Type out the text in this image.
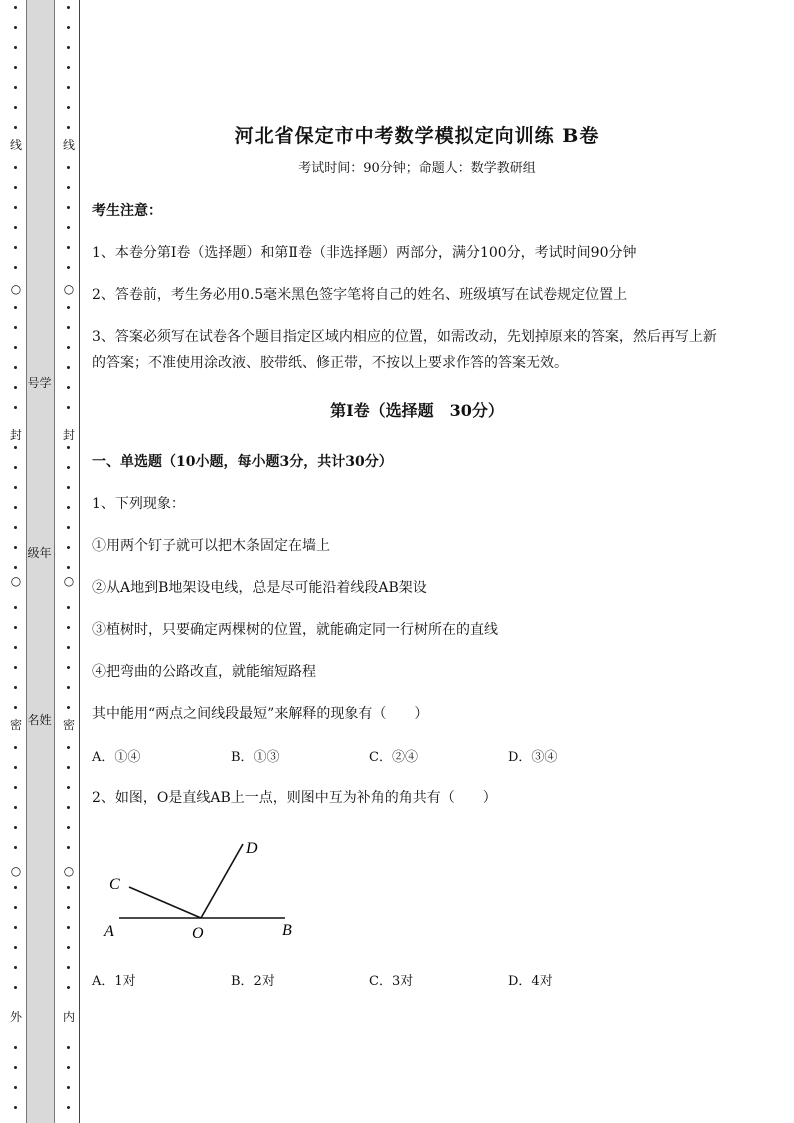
线
○
封
○
密
○
外
号学
级年
名姓
线
○
封
○
密
○
内
河北省保定市中考数学模拟定向训练 B卷
考试时间：90分钟；命题人：数学教研组
考生注意：
1、本卷分第I卷（选择题）和第Ⅱ卷（非选择题）两部分，满分100分，考试时间90分钟
2、答卷前，考生务必用0.5毫米黑色签字笔将自己的姓名、班级填写在试卷规定位置上
3、答案必须写在试卷各个题目指定区域内相应的位置，如需改动，先划掉原来的答案，然后再写上新
的答案；不准使用涂改液、胶带纸、修正带，不按以上要求作答的答案无效。
第I卷（选择题　30分）
一、单选题（10小题，每小题3分，共计30分）
1、下列现象：
①用两个钉子就可以把木条固定在墙上
②从A地到B地架设电线，总是尽可能沿着线段AB架设
③植树时，只要确定两棵树的位置，就能确定同一行树所在的直线
④把弯曲的公路改直，就能缩短路程
其中能用“两点之间线段最短”来解释的现象有（　　）
A．①④	B．①③	C．②④	D．③④
2、如图，O是直线AB上一点，则图中互为补角的角共有（　　）
A．1对	B．2对	C．3对	D．4对
A	B
C
D
O
